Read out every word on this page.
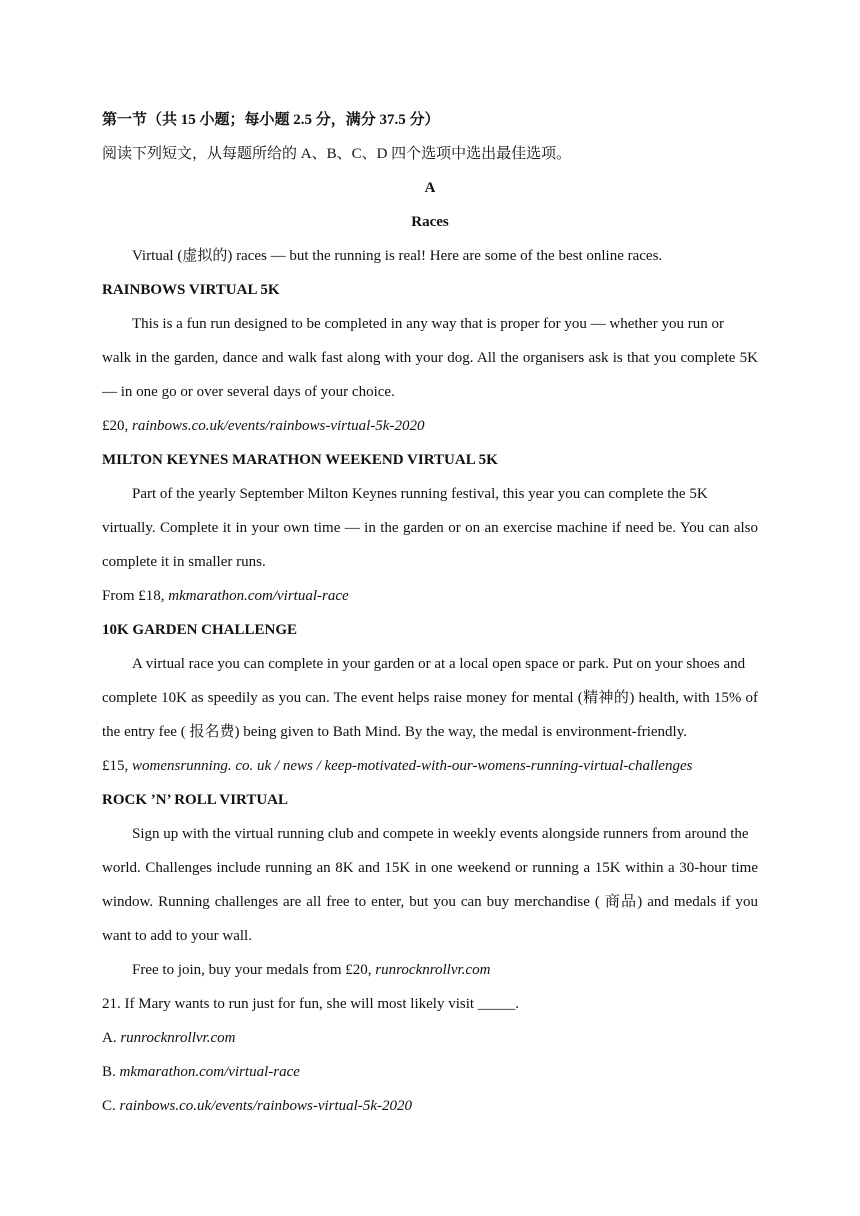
第一节（共 15 小题；每小题 2.5 分，满分 37.5 分）
阅读下列短文，从每题所给的 A、B、C、D 四个选项中选出最佳选项。
A
Races
Virtual (虚拟的) races — but the running is real! Here are some of the best online races.
RAINBOWS VIRTUAL 5K
This is a fun run designed to be completed in any way that is proper for you — whether you run or
walk in the garden, dance and walk fast along with your dog. All the organisers ask is that you complete 5K
— in one go or over several days of your choice.
£20, rainbows.co.uk/events/rainbows-virtual-5k-2020
MILTON KEYNES MARATHON WEEKEND VIRTUAL 5K
Part of the yearly September Milton Keynes running festival, this year you can complete the 5K
virtually. Complete it in your own time — in the garden or on an exercise machine if need be. You can also
complete it in smaller runs.
From £18, mkmarathon.com/virtual-race
10K GARDEN CHALLENGE
A virtual race you can complete in your garden or at a local open space or park. Put on your shoes and
complete 10K as speedily as you can. The event helps raise money for mental (精神的) health, with 15% of
the entry fee ( 报名费) being given to Bath Mind. By the way, the medal is environment-friendly.
£15, womensrunning. co. uk / news / keep-motivated-with-our-womens-running-virtual-challenges
ROCK ’N’ ROLL VIRTUAL
Sign up with the virtual running club and compete in weekly events alongside runners from around the
world. Challenges include running an 8K and 15K in one weekend or running a 15K within a 30-hour time
window. Running challenges are all free to enter, but you can buy merchandise ( 商品) and medals if you
want to add to your wall.
Free to join, buy your medals from £20, runrocknrollvr.com
21. If Mary wants to run just for fun, she will most likely visit _____.
A. runrocknrollvr.com
B. mkmarathon.com/virtual-race
C. rainbows.co.uk/events/rainbows-virtual-5k-2020
